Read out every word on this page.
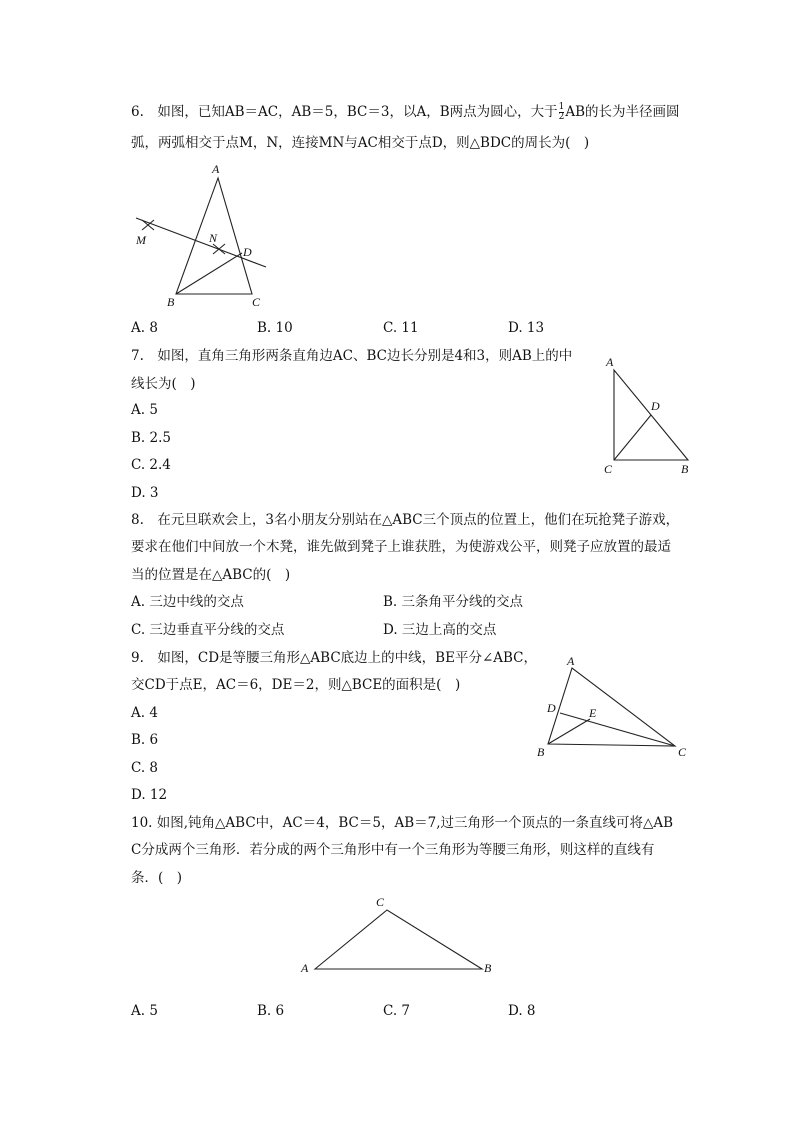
6.　如图，已知AB＝AC，AB＝5，BC＝3，以A，B两点为圆心，大于 $\frac{1}{2}$ AB的长为半径画圆
弧，两弧相交于点M，N，连接MN与AC相交于点D，则△BDC的周长为(　)
A
M	N
D
B	C
A. 8	B. 10	C. 11	D. 13
7.　如图，直角三角形两条直角边AC、BC边长分别是4和3，则AB上的中
线长为(　)
A. 5
B. 2.5
C. 2.4
D. 3
A
D
C	B
8.　在元旦联欢会上，3名小朋友分别站在△ABC三个顶点的位置上，他们在玩抢凳子游戏，
要求在他们中间放一个木凳，谁先做到凳子上谁获胜，为使游戏公平，则凳子应放置的最适
当的位置是在△ABC的(　)
A. 三边中线的交点	B. 三条角平分线的交点
C. 三边垂直平分线的交点	D. 三边上高的交点
9.　如图，CD是等腰三角形△ABC底边上的中线，BE平分∠ABC，
交CD于点E，AC＝6，DE＝2，则△BCE的面积是(　)
A. 4
B. 6
C. 8
D. 12
A
D	E
B	C
10. 如图,钝角△ABC中，AC＝4，BC＝5，AB＝7,过三角形一个顶点的一条直线可将△AB
C分成两个三角形．若分成的两个三角形中有一个三角形为等腰三角形，则这样的直线有
条．(　)
C
A	B
A. 5	B. 6	C. 7	D. 8
